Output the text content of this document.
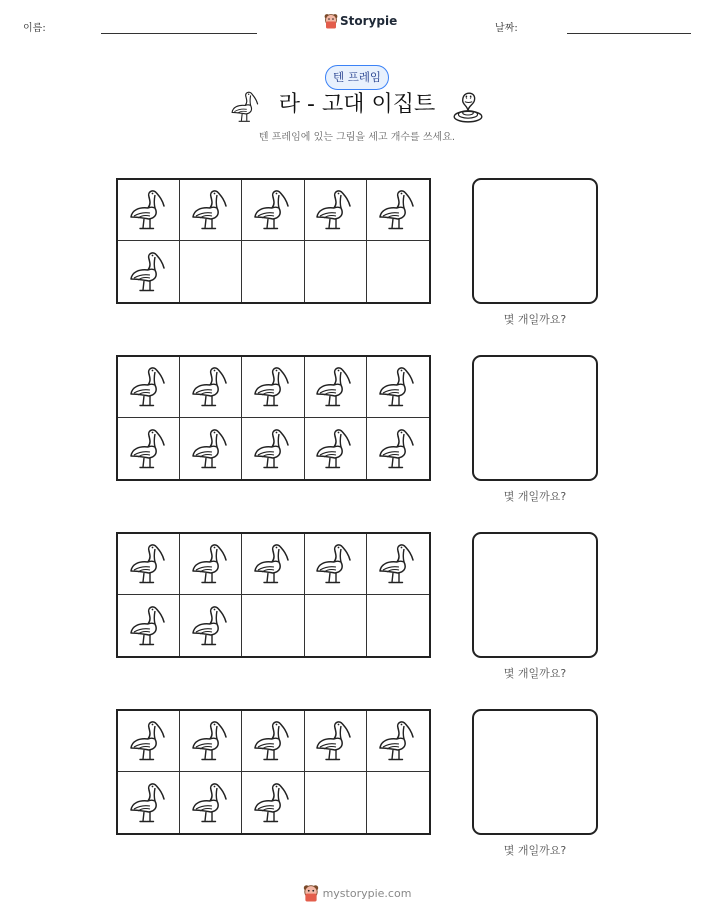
이름:
Storypie
날짜:
텐 프레임
라 - 고대 이집트
텐 프레임에 있는 그림을 세고 개수를 쓰세요.
몇 개일까요?
몇 개일까요?
몇 개일까요?
몇 개일까요?
mystorypie.com
